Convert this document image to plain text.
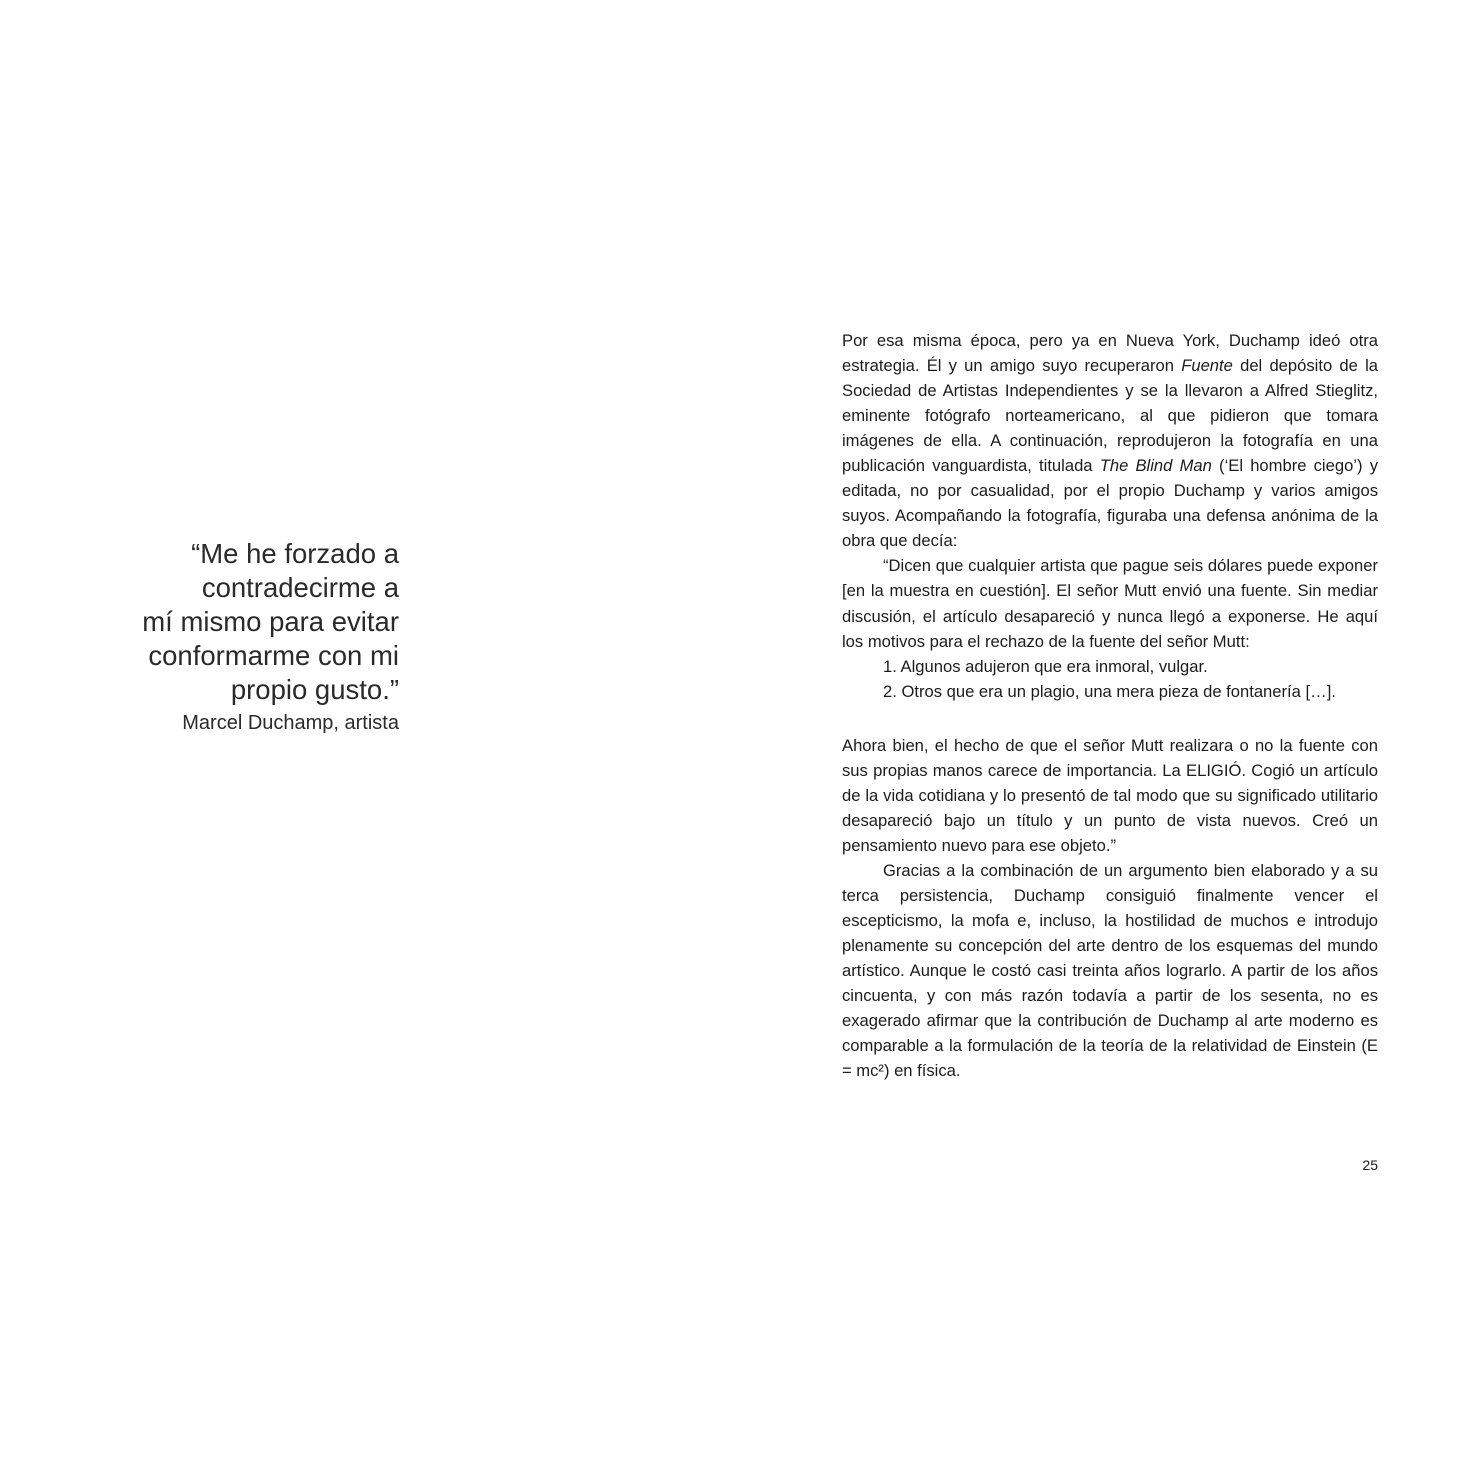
“Me he forzado a
contradecirme a
mí mismo para evitar
conformarme con mi
propio gusto.”
Marcel Duchamp, artista

Por esa misma época, pero ya en Nueva York, Duchamp ideó otra estrategia. Él y un amigo suyo recuperaron Fuente del depósito de la Sociedad de Artistas Independientes y se la llevaron a Alfred Stieglitz, eminente fotógrafo norteamericano, al que pidieron que tomara imágenes de ella. A continuación, reprodujeron la fotografía en una publicación vanguardista, titulada The Blind Man (‘El hombre ciego’) y editada, no por casualidad, por el propio Duchamp y varios amigos suyos. Acompañando la fotografía, figuraba una defensa anónima de la obra que decía:

“Dicen que cualquier artista que pague seis dólares puede exponer [en la muestra en cuestión]. El señor Mutt envió una fuente. Sin mediar discusión, el artículo desapareció y nunca llegó a exponerse. He aquí los motivos para el rechazo de la fuente del señor Mutt:

1. Algunos adujeron que era inmoral, vulgar.
2. Otros que era un plagio, una mera pieza de fontanería […].

Ahora bien, el hecho de que el señor Mutt realizara o no la fuente con sus propias manos carece de importancia. La ELIGIÓ. Cogió un artículo de la vida cotidiana y lo presentó de tal modo que su significado utilitario desapareció bajo un título y un punto de vista nuevos. Creó un pensamiento nuevo para ese objeto.”

Gracias a la combinación de un argumento bien elaborado y a su terca persistencia, Duchamp consiguió finalmente vencer el escepticismo, la mofa e, incluso, la hostilidad de muchos e introdujo plenamente su concepción del arte dentro de los esquemas del mundo artístico. Aunque le costó casi treinta años lograrlo. A partir de los años cincuenta, y con más razón todavía a partir de los sesenta, no es exagerado afirmar que la contribución de Duchamp al arte moderno es comparable a la formulación de la teoría de la relatividad de Einstein (E = mc²) en física.

25
